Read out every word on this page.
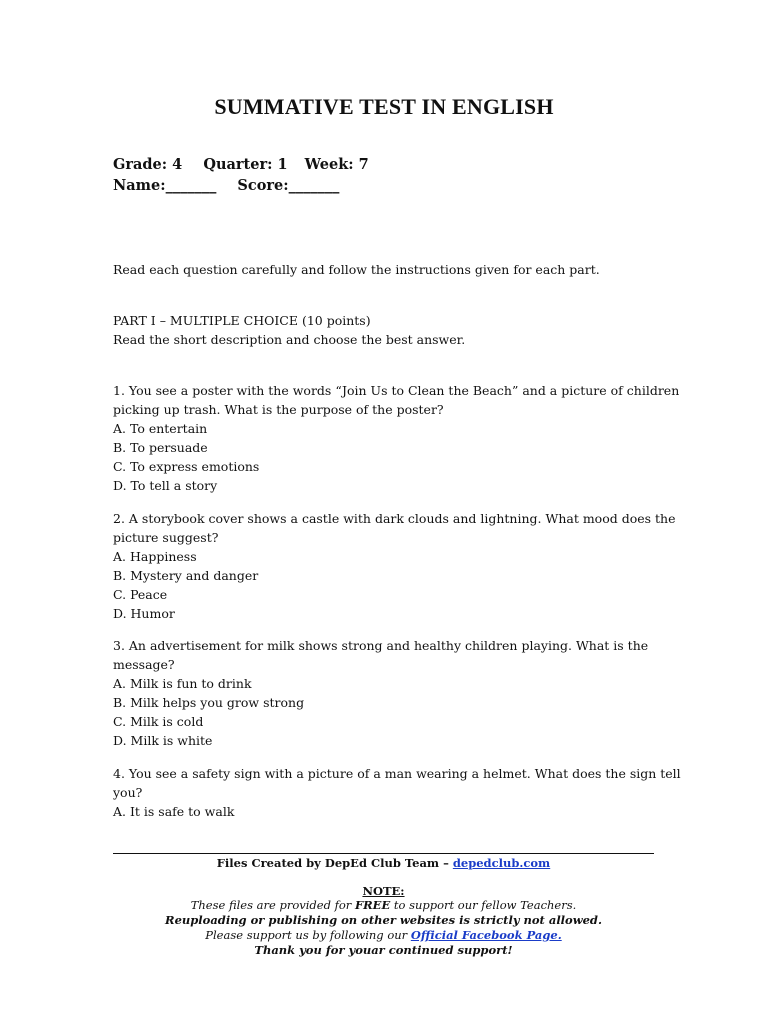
SUMMATIVE TEST IN ENGLISH
Grade: 4 Quarter: 1 Week: 7
Name:_______ Score:_______
Read each question carefully and follow the instructions given for each part.
PART I – MULTIPLE CHOICE (10 points)
Read the short description and choose the best answer.
1. You see a poster with the words “Join Us to Clean the Beach” and a picture of children
picking up trash. What is the purpose of the poster?
A. To entertain
B. To persuade
C. To express emotions
D. To tell a story
2. A storybook cover shows a castle with dark clouds and lightning. What mood does the
picture suggest?
A. Happiness
B. Mystery and danger
C. Peace
D. Humor
3. An advertisement for milk shows strong and healthy children playing. What is the
message?
A. Milk is fun to drink
B. Milk helps you grow strong
C. Milk is cold
D. Milk is white
4. You see a safety sign with a picture of a man wearing a helmet. What does the sign tell
you?
A. It is safe to walk
Files Created by DepEd Club Team – depedclub.com
NOTE:
These files are provided for FREE to support our fellow Teachers.
Reuploading or publishing on other websites is strictly not allowed.
Please support us by following our Official Facebook Page.
Thank you for youar continued support!
